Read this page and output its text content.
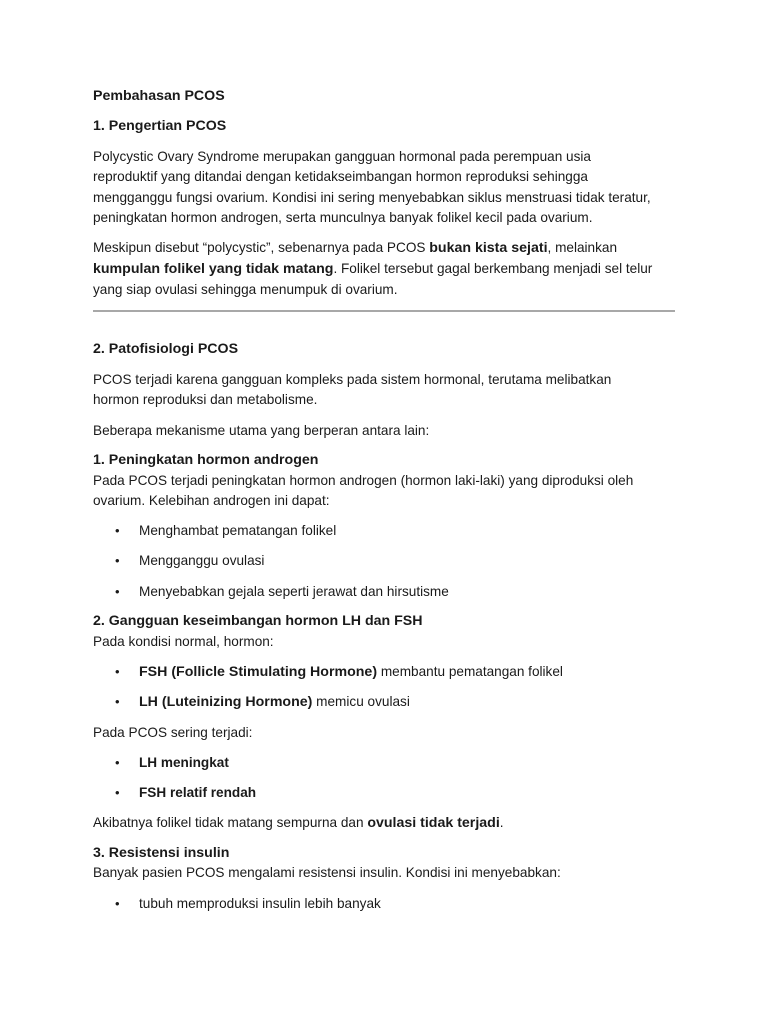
Pembahasan PCOS
1. Pengertian PCOS
Polycystic Ovary Syndrome merupakan gangguan hormonal pada perempuan usia
reproduktif yang ditandai dengan ketidakseimbangan hormon reproduksi sehingga
mengganggu fungsi ovarium. Kondisi ini sering menyebabkan siklus menstruasi tidak teratur,
peningkatan hormon androgen, serta munculnya banyak folikel kecil pada ovarium.
Meskipun disebut “polycystic”, sebenarnya pada PCOS bukan kista sejati, melainkan
kumpulan folikel yang tidak matang. Folikel tersebut gagal berkembang menjadi sel telur
yang siap ovulasi sehingga menumpuk di ovarium.
2. Patofisiologi PCOS
PCOS terjadi karena gangguan kompleks pada sistem hormonal, terutama melibatkan
hormon reproduksi dan metabolisme.
Beberapa mekanisme utama yang berperan antara lain:
1. Peningkatan hormon androgen
Pada PCOS terjadi peningkatan hormon androgen (hormon laki-laki) yang diproduksi oleh
ovarium. Kelebihan androgen ini dapat:
• Menghambat pematangan folikel
• Mengganggu ovulasi
• Menyebabkan gejala seperti jerawat dan hirsutisme
2. Gangguan keseimbangan hormon LH dan FSH
Pada kondisi normal, hormon:
• FSH (Follicle Stimulating Hormone) membantu pematangan folikel
• LH (Luteinizing Hormone) memicu ovulasi
Pada PCOS sering terjadi:
• LH meningkat
• FSH relatif rendah
Akibatnya folikel tidak matang sempurna dan ovulasi tidak terjadi.
3. Resistensi insulin
Banyak pasien PCOS mengalami resistensi insulin. Kondisi ini menyebabkan:
• tubuh memproduksi insulin lebih banyak
